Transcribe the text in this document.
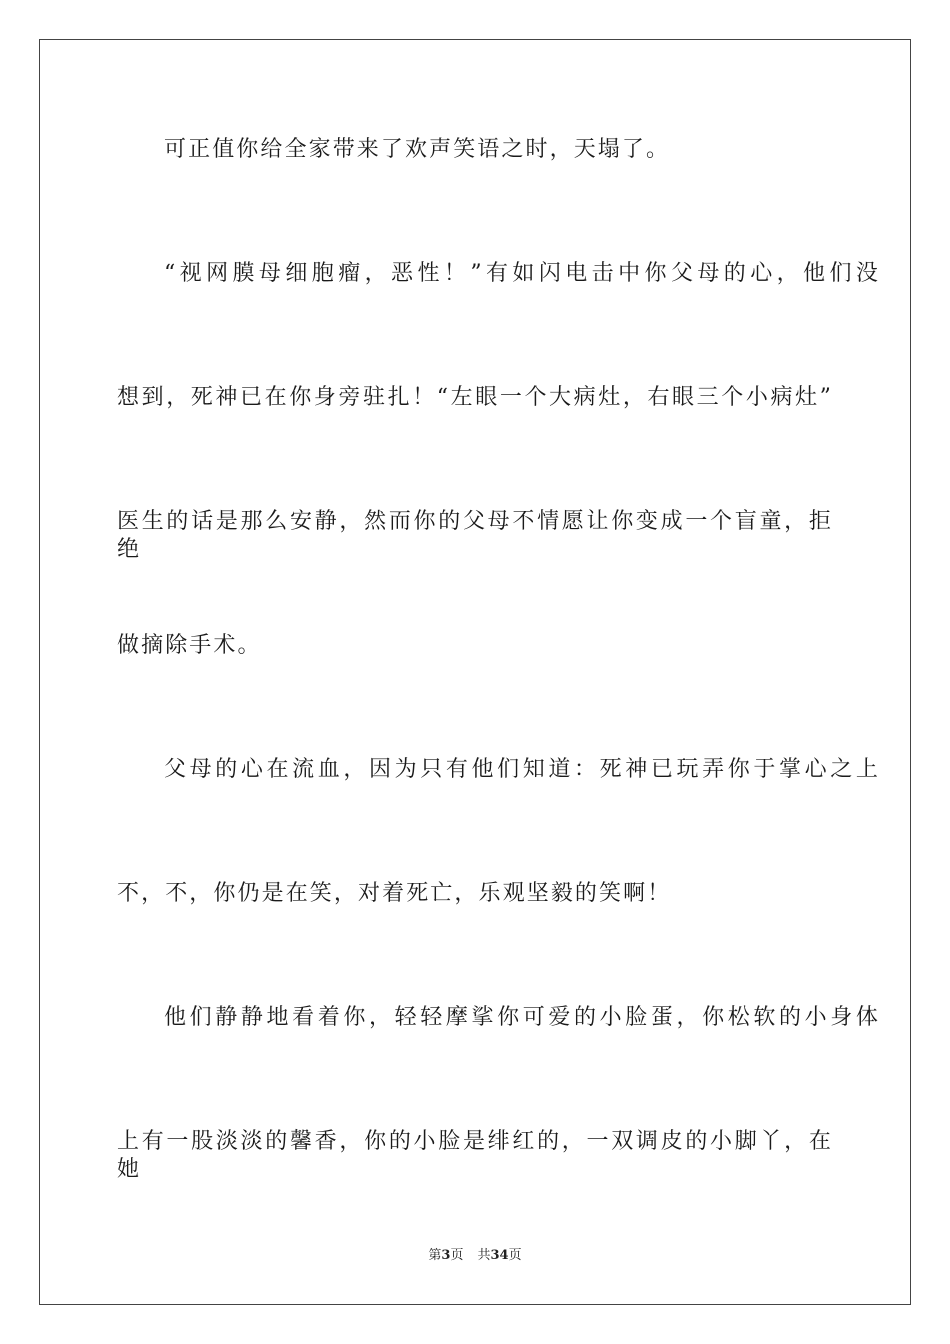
可正值你给全家带来了欢声笑语之时，天塌了。
“视网膜母细胞瘤，恶性！”有如闪电击中你父母的心，他们没
想到，死神已在你身旁驻扎！“左眼一个大病灶，右眼三个小病灶”
医生的话是那么安静，然而你的父母不情愿让你变成一个盲童，拒绝
做摘除手术。
父母的心在流血，因为只有他们知道：死神已玩弄你于掌心之上
不，不，你仍是在笑，对着死亡，乐观坚毅的笑啊！
他们静静地看着你，轻轻摩挲你可爱的小脸蛋，你松软的小身体
上有一股淡淡的馨香，你的小脸是绯红的，一双调皮的小脚丫，在她
第3页 共34页
